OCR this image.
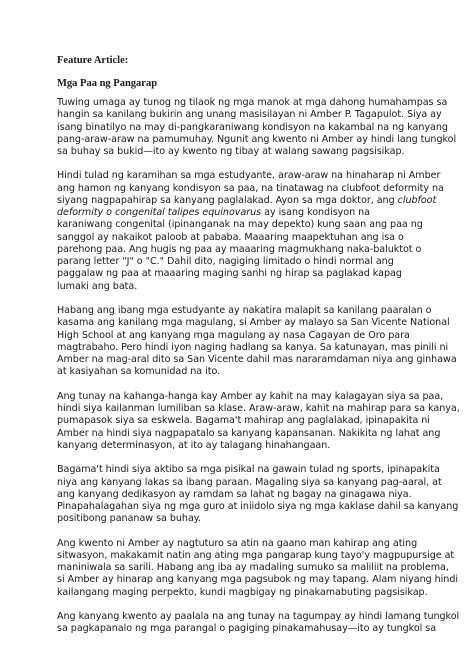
Feature Article:
Mga Paa ng Pangarap

Tuwing umaga ay tunog ng tilaok ng mga manok at mga dahong humahampas sa
hangin sa kanilang bukirin ang unang masisilayan ni Amber P. Tagapulot. Siya ay
isang binatilyo na may di-pangkaraniwang kondisyon na kakambal na ng kanyang
pang-araw-araw na pamumuhay. Ngunit ang kwento ni Amber ay hindi lang tungkol
sa buhay sa bukid—ito ay kwento ng tibay at walang sawang pagsisikap.

Hindi tulad ng karamihan sa mga estudyante, araw-araw na hinaharap ni Amber
ang hamon ng kanyang kondisyon sa paa, na tinatawag na clubfoot deformity na
siyang nagpapahirap sa kanyang paglalakad. Ayon sa mga doktor, ang clubfoot
deformity o congenital talipes equinovarus ay isang kondisyon na
karaniwang congenital (ipinanganak na may depekto) kung saan ang paa ng
sanggol ay nakaikot paloob at pababa. Maaaring maapektuhan ang isa o
parehong paa. Ang hugis ng paa ay maaaring magmukhang naka-baluktot o
parang letter "J" o "C." Dahil dito, nagiging limitado o hindi normal ang
paggalaw ng paa at maaaring maging sanhi ng hirap sa paglakad kapag
lumaki ang bata.

Habang ang ibang mga estudyante ay nakatira malapit sa kanilang paaralan o
kasama ang kanilang mga magulang, si Amber ay malayo sa San Vicente National
High School at ang kanyang mga magulang ay nasa Cagayan de Oro para
magtrabaho. Pero hindi iyon naging hadlang sa kanya. Sa katunayan, mas pinili ni
Amber na mag-aral dito sa San Vicente dahil mas nararamdaman niya ang ginhawa
at kasiyahan sa komunidad na ito.

Ang tunay na kahanga-hanga kay Amber ay kahit na may kalagayan siya sa paa,
hindi siya kailanman lumiliban sa klase. Araw-araw, kahit na mahirap para sa kanya,
pumapasok siya sa eskwela. Bagama't mahirap ang paglalakad, ipinapakita ni
Amber na hindi siya nagpapatalo sa kanyang kapansanan. Nakikita ng lahat ang
kanyang determinasyon, at ito ay talagang hinahangaan.

Bagama't hindi siya aktibo sa mga pisikal na gawain tulad ng sports, ipinapakita
niya ang kanyang lakas sa ibang paraan. Magaling siya sa kanyang pag-aaral, at
ang kanyang dedikasyon ay ramdam sa lahat ng bagay na ginagawa niya.
Pinapahalagahan siya ng mga guro at iniidolo siya ng mga kaklase dahil sa kanyang
positibong pananaw sa buhay.

Ang kwento ni Amber ay nagtuturo sa atin na gaano man kahirap ang ating
sitwasyon, makakamit natin ang ating mga pangarap kung tayo'y magpupursige at
maniniwala sa sarili. Habang ang iba ay madaling sumuko sa maliliit na problema,
si Amber ay hinarap ang kanyang mga pagsubok ng may tapang. Alam niyang hindi
kailangang maging perpekto, kundi magbigay ng pinakamabuting pagsisikap.

Ang kanyang kwento ay paalala na ang tunay na tagumpay ay hindi lamang tungkol
sa pagkapanalo ng mga parangal o pagiging pinakamahusay—ito ay tungkol sa
